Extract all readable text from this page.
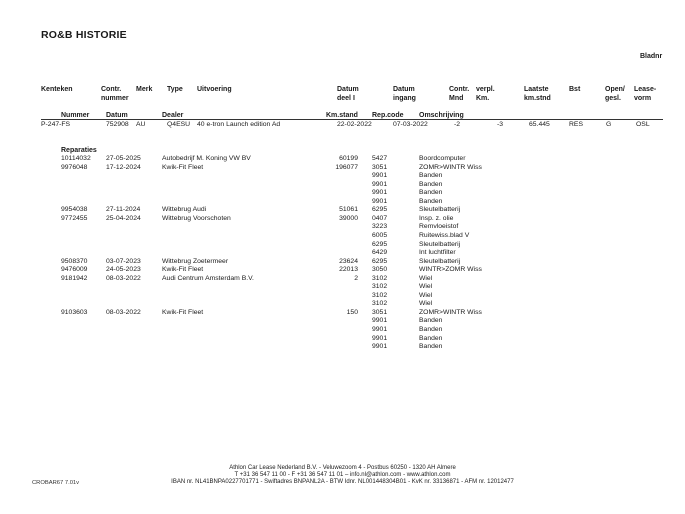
RO&B HISTORIE
Bladnr
Kenteken	Contr.
nummer
Merk Type Uitvoering	Datum
deel I
Datum
ingang
Contr.
Mnd
verpl.
Km.
Laatste
km.stnd
Bst	Open/
gesl.
Lease-
vorm
Nummer Datum	Dealer	Km.stand Rep.code Omschrijving
P-247-FS	752908 AU	Q4ESU 40 e-tron Launch edition Ad	22-02-2022	07-03-2022	-2	-3	65.445	RES	G	OSL
Reparaties
10114032 27-05-2025	Autobedrijf M. Koning VW BV	60199 5427	Boordcomputer
9976048	17-12-2024	Kwik-Fit Fleet	196077 3051	ZOMR>WINTR Wiss
9901	Banden
9901	Banden
9901	Banden
9901	Banden
9954038	27-11-2024	Wittebrug Audi	51061 6295	Sleutelbatterij
9772455	25-04-2024	Wittebrug Voorschoten	39000 0407	Insp. z. olie
3223	Remvloeistof
6005	Ruitewiss.blad V
6295	Sleutelbatterij
6429	Int luchtfilter
9508370	03-07-2023	Wittebrug Zoetermeer	23624 6295	Sleutelbatterij
9476009	24-05-2023	Kwik-Fit Fleet	22013 3050	WINTR>ZOMR Wiss
9181942	08-03-2022	Audi Centrum Amsterdam B.V.	2 3102	Wiel
3102	Wiel
3102	Wiel
3102	Wiel
9103603	08-03-2022	Kwik-Fit Fleet	150 3051	ZOMR>WINTR Wiss
9901	Banden
9901	Banden
9901	Banden
9901	Banden
CROBAR67 7.01v
Athlon Car Lease Nederland B.V. - Veluwezoom 4 - Postbus 60250 - 1320 AH Almere
T +31 36 547 11 00 - F +31 36 547 11 01 – info.nl@athlon.com - www.athlon.com
IBAN nr. NL41BNPA0227701771 - Swiftadres BNPANL2A - BTW Idnr. NL001448304B01 - KvK nr. 33136871 - AFM nr. 12012477
